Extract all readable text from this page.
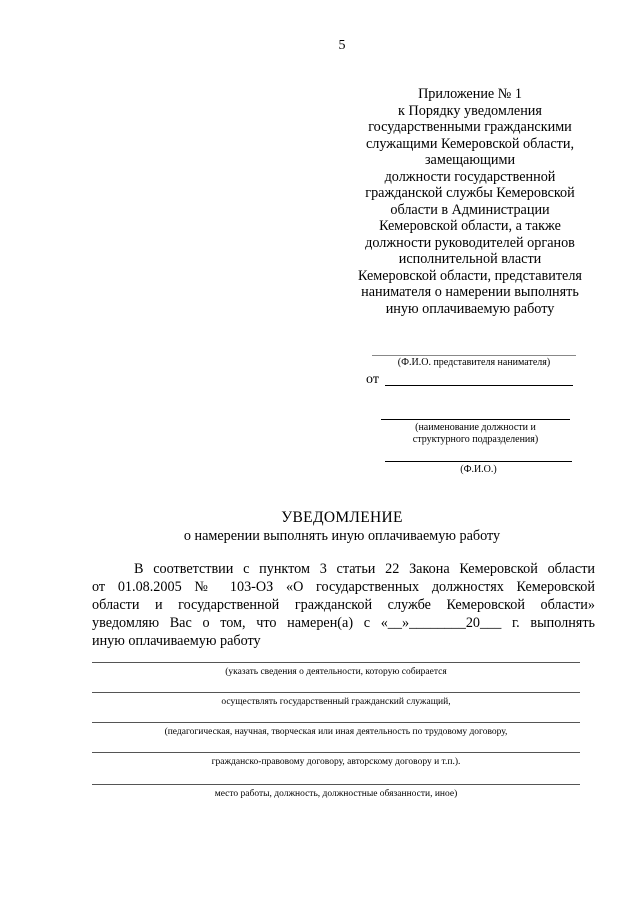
5
Приложение № 1
к Порядку уведомления
государственными гражданскими
служащими Кемеровской области,
замещающими
должности государственной
гражданской службы Кемеровской
области в Администрации
Кемеровской области, а также
должности руководителей органов
исполнительной власти
Кемеровской области, представителя
нанимателя о намерении выполнять
иную оплачиваемую работу
(Ф.И.О. представителя нанимателя)
от
(наименование должности и
структурного подразделения)
(Ф.И.О.)
УВЕДОМЛЕНИЕ
о намерении выполнять иную оплачиваемую работу
В соответствии с пунктом 3 статьи 22 Закона Кемеровской области
от 01.08.2005 № 103-ОЗ «О государственных должностях Кемеровской
области и государственной гражданской службе Кемеровской области»
уведомляю Вас о том, что намерен(а) с «__»________20___ г. выполнять
иную оплачиваемую работу
(указать сведения о деятельности, которую собирается
осуществлять государственный гражданский служащий,
(педагогическая, научная, творческая или иная деятельность по трудовому договору,
гражданско-правовому договору, авторскому договору и т.п.).
место работы, должность, должностные обязанности, иное)
